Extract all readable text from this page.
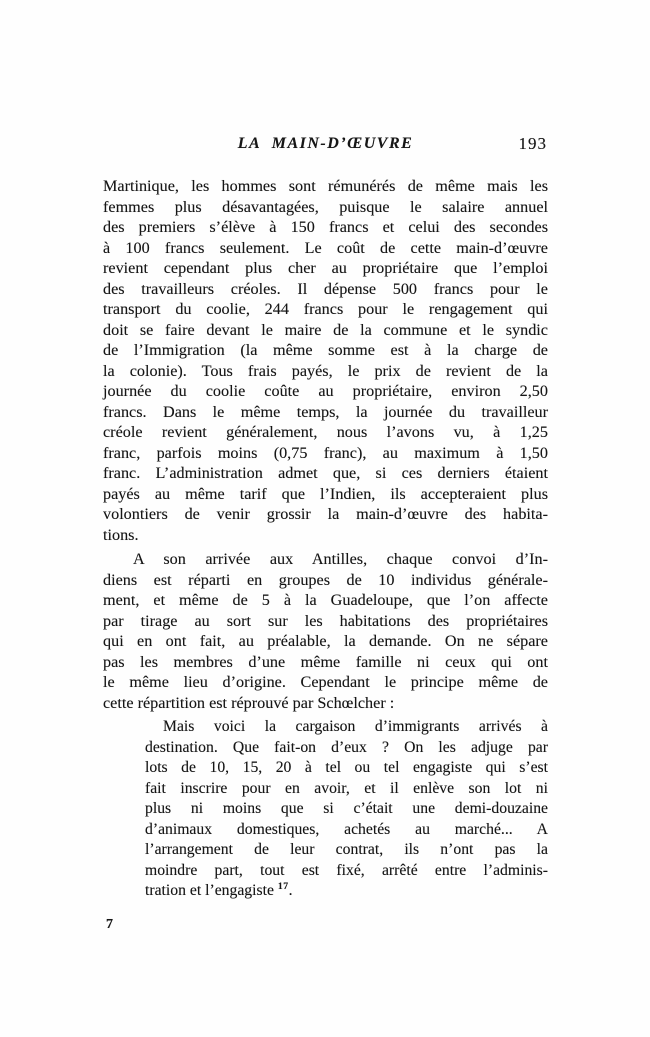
LA MAIN-D’ŒUVRE	193
Martinique, les hommes sont rémunérés de même mais les
femmes plus désavantagées, puisque le salaire annuel
des premiers s’élève à 150 francs et celui des secondes
à 100 francs seulement. Le coût de cette main-d’œuvre
revient cependant plus cher au propriétaire que l’emploi
des travailleurs créoles. Il dépense 500 francs pour le
transport du coolie, 244 francs pour le rengagement qui
doit se faire devant le maire de la commune et le syndic
de l’Immigration (la même somme est à la charge de
la colonie). Tous frais payés, le prix de revient de la
journée du coolie coûte au propriétaire, environ 2,50
francs. Dans le même temps, la journée du travailleur
créole revient généralement, nous l’avons vu, à 1,25
franc, parfois moins (0,75 franc), au maximum à 1,50
franc. L’administration admet que, si ces derniers étaient
payés au même tarif que l’Indien, ils accepteraient plus
volontiers de venir grossir la main-d’œuvre des habita-
tions.
A son arrivée aux Antilles, chaque convoi d’In-
diens est réparti en groupes de 10 individus générale-
ment, et même de 5 à la Guadeloupe, que l’on affecte
par tirage au sort sur les habitations des propriétaires
qui en ont fait, au préalable, la demande. On ne sépare
pas les membres d’une même famille ni ceux qui ont
le même lieu d’origine. Cependant le principe même de
cette répartition est réprouvé par Schœlcher :
Mais voici la cargaison d’immigrants arrivés à
destination. Que fait-on d’eux ? On les adjuge par
lots de 10, 15, 20 à tel ou tel engagiste qui s’est
fait inscrire pour en avoir, et il enlève son lot ni
plus ni moins que si c’était une demi-douzaine
d’animaux domestiques, achetés au marché... A
l’arrangement de leur contrat, ils n’ont pas la
moindre part, tout est fixé, arrêté entre l’adminis-
tration et l’engagiste $^{17}$.
7
